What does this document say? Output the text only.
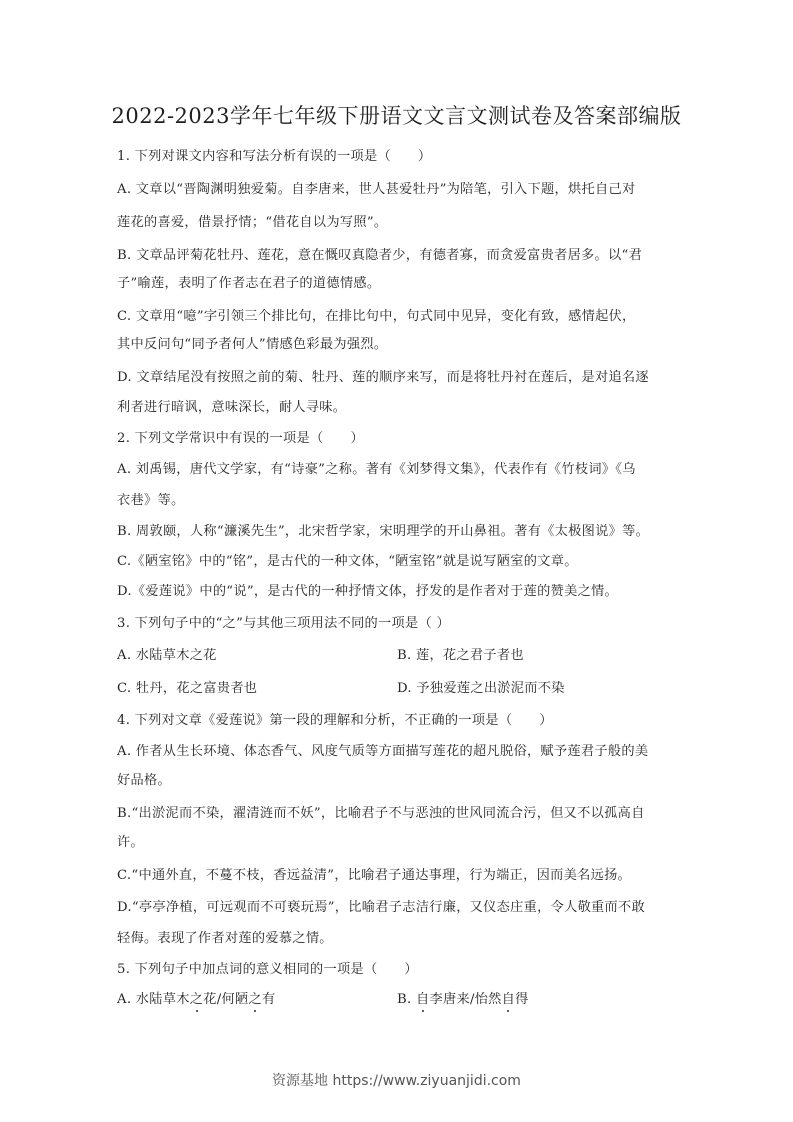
2022-2023学年七年级下册语文文言文测试卷及答案部编版
1. 下列对课文内容和写法分析有误的一项是（　　）
A. 文章以“晋陶渊明独爱菊。自李唐来，世人甚爱牡丹”为陪笔，引入下题，烘托自己对
莲花的喜爱，借景抒情；“借花自以为写照”。
B. 文章品评菊花牡丹、莲花，意在慨叹真隐者少，有德者寡，而贪爱富贵者居多。以“君
子”喻莲，表明了作者志在君子的道德情感。
C. 文章用“噫”字引领三个排比句，在排比句中，句式同中见异，变化有致，感情起伏，
其中反问句“同予者何人”情感色彩最为强烈。
D. 文章结尾没有按照之前的菊、牡丹、莲的顺序来写，而是将牡丹衬在莲后，是对追名逐
利者进行暗讽，意味深长，耐人寻味。
2. 下列文学常识中有误的一项是（　　）
A. 刘禹锡，唐代文学家，有“诗豪”之称。著有《刘梦得文集》，代表作有《竹枝词》《乌
衣巷》等。
B. 周敦颐，人称“濂溪先生”，北宋哲学家，宋明理学的开山鼻祖。著有《太极图说》等。
C.《陋室铭》中的“铭”，是古代的一种文体，“陋室铭”就是说写陋室的文章。
D.《爱莲说》中的“说”，是古代的一种抒情文体，抒发的是作者对于莲的赞美之情。
3. 下列句子中的“之”与其他三项用法不同的一项是（ ）
A. 水陆草木之花	B. 莲，花之君子者也
C. 牡丹，花之富贵者也	D. 予独爱莲之出淤泥而不染
4. 下列对文章《爱莲说》第一段的理解和分析，不正确的一项是（　　）
A. 作者从生长环境、体态香气、风度气质等方面描写莲花的超凡脱俗，赋予莲君子般的美
好品格。
B.“出淤泥而不染，濯清涟而不妖”，比喻君子不与恶浊的世风同流合污，但又不以孤高自
许。
C.“中通外直，不蔓不枝，香远益清”，比喻君子通达事理，行为端正，因而美名远扬。
D.“亭亭净植，可远观而不可亵玩焉”，比喻君子志洁行廉，又仪态庄重，令人敬重而不敢
轻侮。表现了作者对莲的爱慕之情。
5. 下列句子中加点词的意义相同的一项是（　　）
A. 水陆草木之花/何陋之有	B. 自李唐来/怡然自得
资源基地 https://www.ziyuanjidi.com
